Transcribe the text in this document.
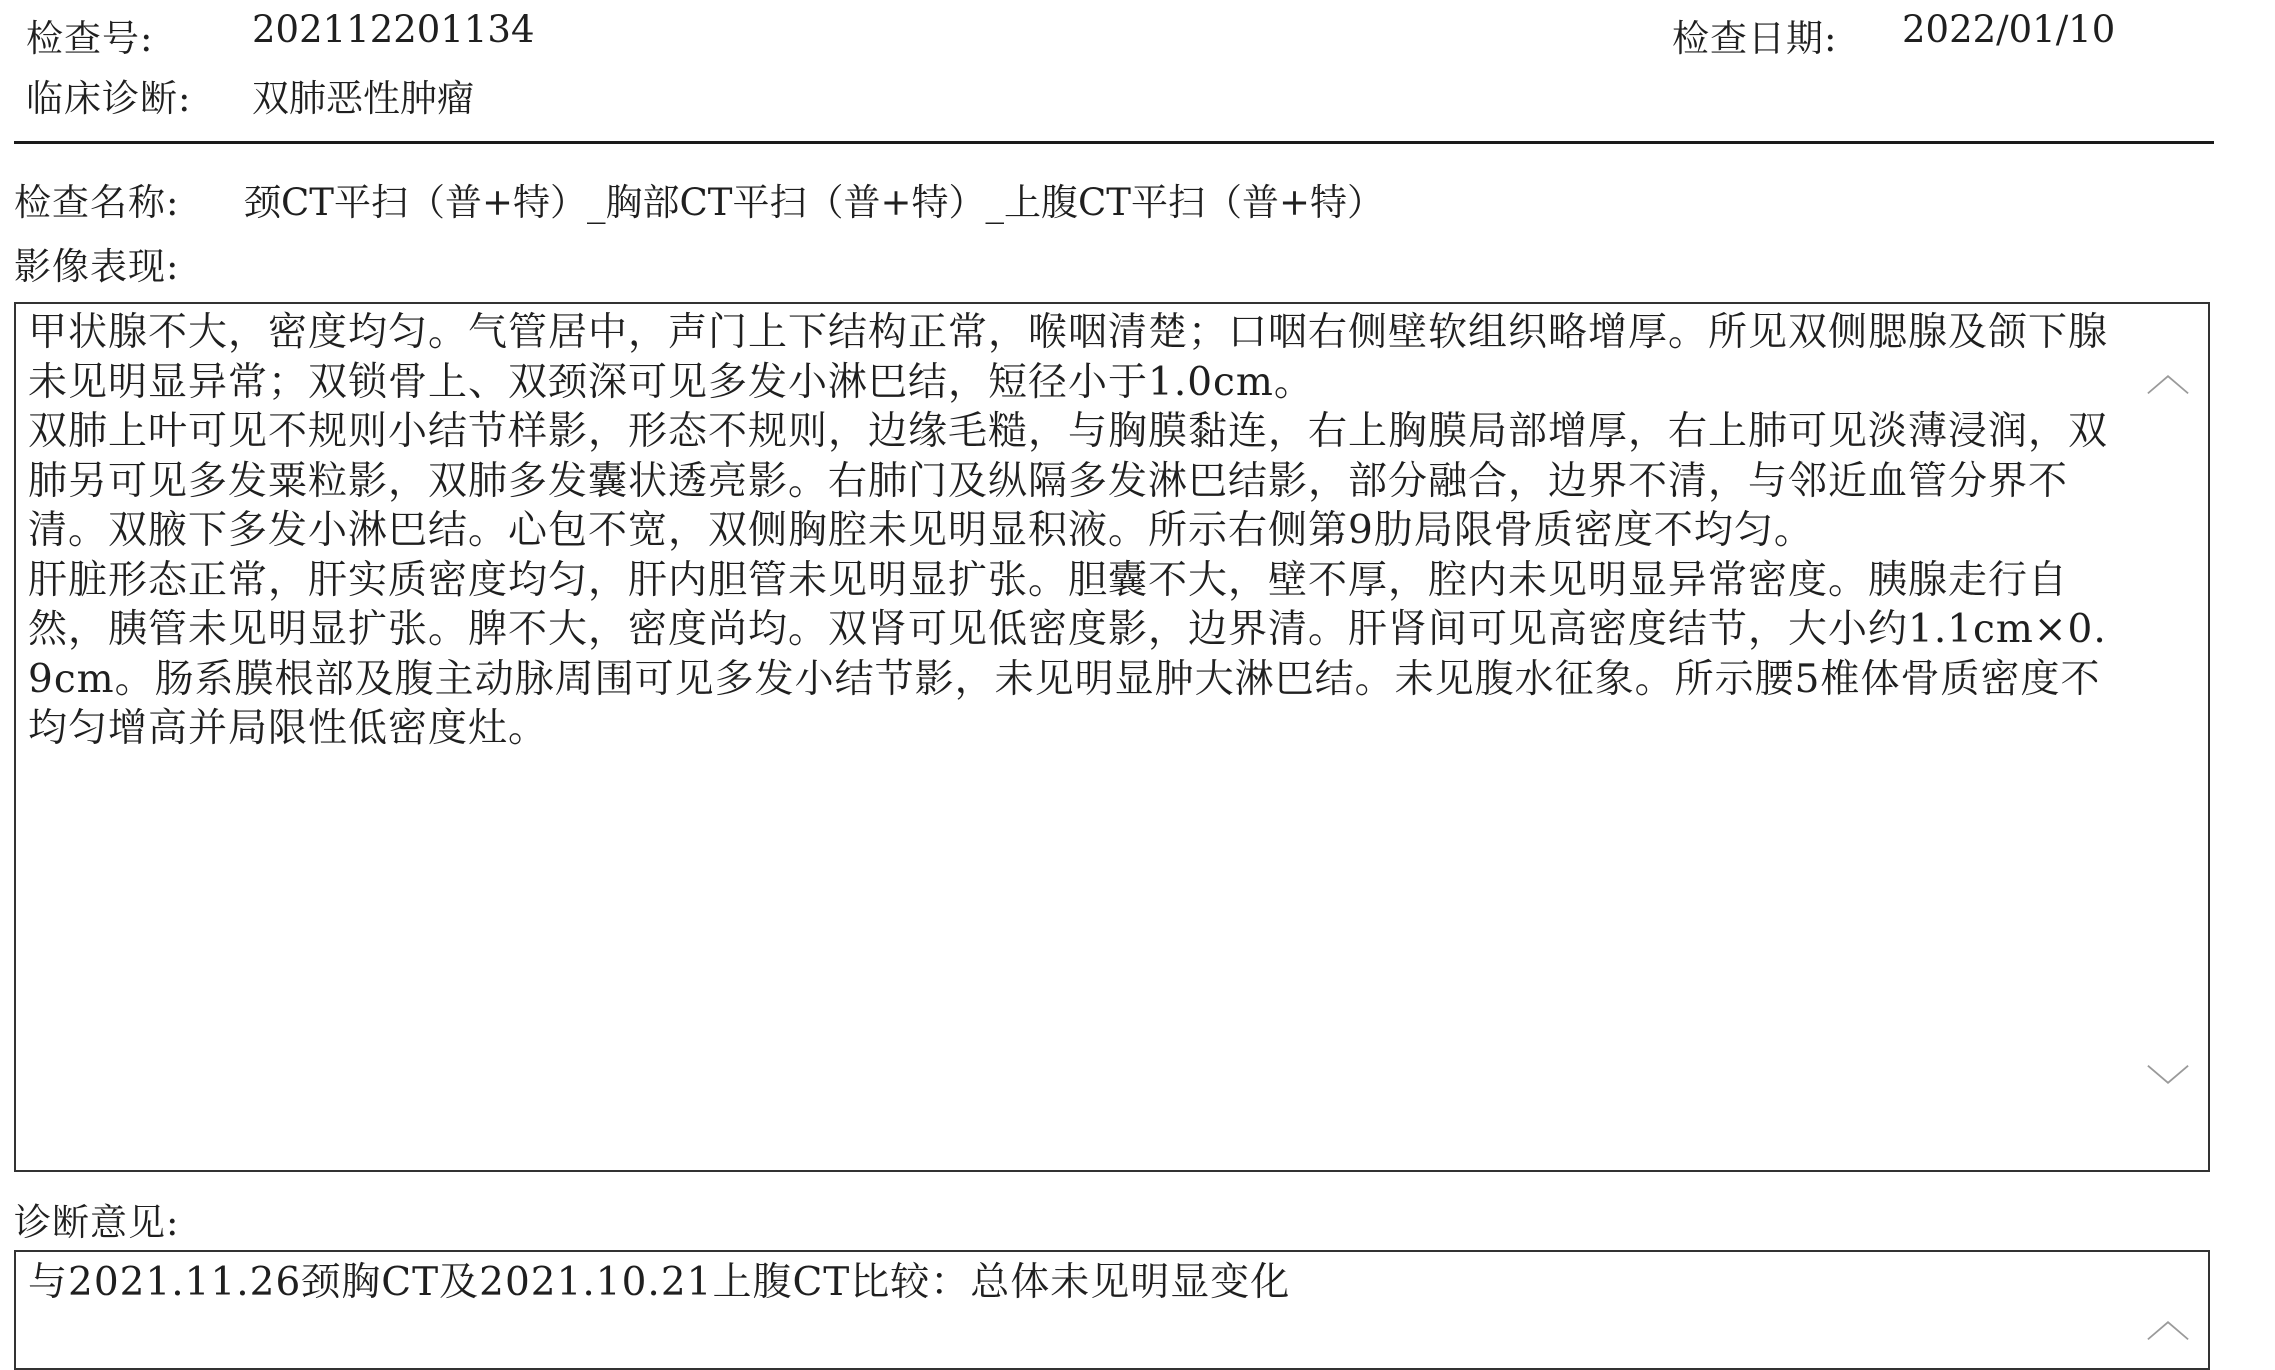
检查号:	202112201134	检查日期: 2022/01/10
临床诊断: 双肺恶性肿瘤
检查名称: 颈CT平扫（普+特）_胸部CT平扫（普+特）_上腹CT平扫（普+特）
影像表现:

甲状腺不大，密度均匀。气管居中，声门上下结构正常，喉咽清楚；口咽右侧壁软组织略增厚。所见双侧腮腺及颌下腺未见明显异常；双锁骨上、双颈深可见多发小淋巴结，短径小于1.0cm。

双肺上叶可见不规则小结节样影，形态不规则，边缘毛糙，与胸膜黏连，右上胸膜局部增厚，右上肺可见淡薄浸润，双肺另可见多发粟粒影，双肺多发囊状透亮影。右肺门及纵隔多发淋巴结影，部分融合，边界不清，与邻近血管分界不清。双腋下多发小淋巴结。心包不宽，双侧胸腔未见明显积液。所示右侧第9肋局限骨质密度不均匀。

肝脏形态正常，肝实质密度均匀，肝内胆管未见明显扩张。胆囊不大，壁不厚，腔内未见明显异常密度。胰腺走行自然，胰管未见明显扩张。脾不大，密度尚均。双肾可见低密度影，边界清。肝肾间可见高密度结节，大小约1.1cm×0.9cm。肠系膜根部及腹主动脉周围可见多发小结节影，未见明显肿大淋巴结。未见腹水征象。所示腰5椎体骨质密度不均匀增高并局限性低密度灶。

︿
﹀
诊断意见:
与2021.11.26颈胸CT及2021.10.21上腹CT比较：总体未见明显变化
︿
